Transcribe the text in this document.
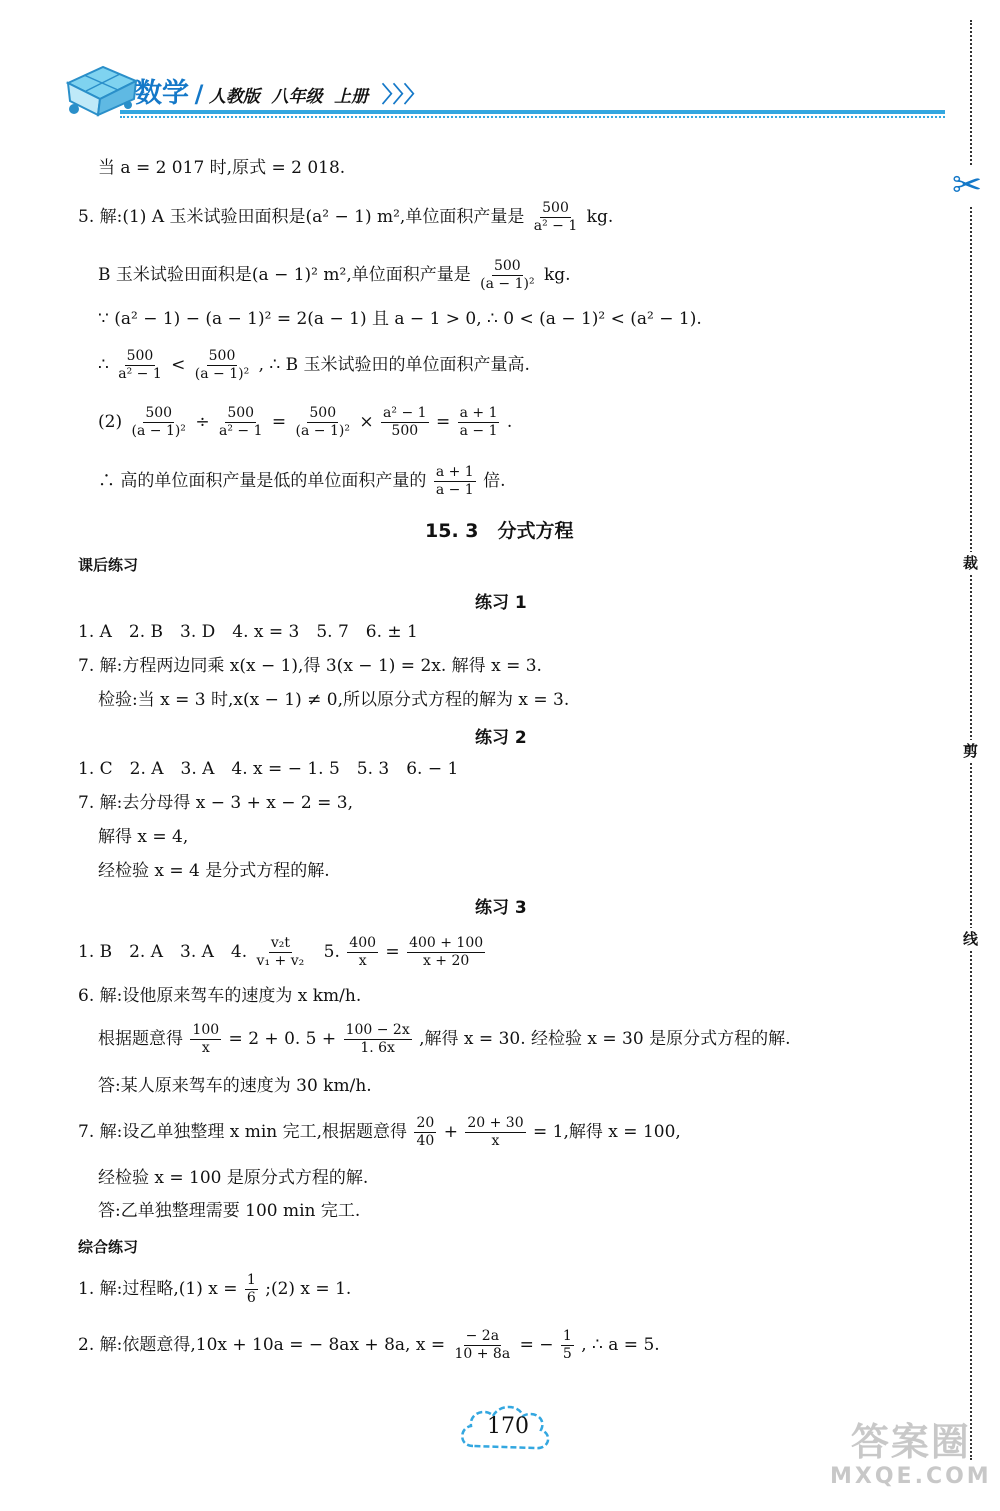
数学 / 人教版 八年级 上册 〉〉〉
✂
裁
剪
线
当 a = 2 017 时,原式 = 2 018.
5. 解:(1) A 玉米试验田面积是(a² − 1) m²,单位面积产量是 $\frac{500}{\text{a² − 1}}$ kg.
B 玉米试验田面积是(a − 1)² m²,单位面积产量是 $\frac{500}{\text{(a − 1)²}}$ kg.
∵ (a² − 1) − (a − 1)² = 2(a − 1) 且 a − 1 > 0, ∴ 0 < (a − 1)² < (a² − 1).
∴ $\frac{500}{\text{a² − 1}} < \frac{500}{\text{(a − 1)²}}$ , ∴ B 玉米试验田的单位面积产量高.
$(2) \frac{500}{\text{(a − 1)²}} \div \frac{500}{\text{a² − 1}} = \frac{500}{\text{(a − 1)²}} \times \frac{\text{a² − 1}}{500} = \frac{a + 1}{a - 1}$ .
∴ 高的单位面积产量是低的单位面积产量的 $\frac{a + 1}{a - 1}$ 倍.
15. 3　分式方程
课后练习
练习 1
1. A　2. B　3. D　4. x = 3　5. 7　6. ± 1
7. 解:方程两边同乘 x(x − 1),得 3(x − 1) = 2x. 解得 x = 3.
检验:当 x = 3 时,x(x − 1) ≠ 0,所以原分式方程的解为 x = 3.
练习 2
1. C　2. A　3. A　4. x = − 1. 5　5. 3　6. − 1
7. 解:去分母得 x − 3 + x − 2 = 3,
解得 x = 4,
经检验 x = 4 是分式方程的解.
练习 3
1. B　2. A　3. A　4. $\frac{\text{v₂t}}{\text{v₁ + v₂}} 5$. $\frac{400}{x} = \frac{400 + 100}{x + 20}$
6. 解:设他原来驾车的速度为 x km/h.
根据题意得 $\frac{100}{x} = 2 + 0$. $5 + \frac{100 - 2x}{1. 6x}$ ,解得 x = 30. 经检验 x = 30 是原分式方程的解.
答:某人原来驾车的速度为 30 km/h.
7. 解:设乙单独整理 x min 完工,根据题意得 $\frac{20}{40} + \frac{20 + 30}{x} = 1$,解得 x = 100,
经检验 x = 100 是原分式方程的解.
答:乙单独整理需要 100 min 完工.
综合练习
1. 解:过程略,(1) $x = \frac{1}{6}$ ;(2) x = 1.
2. 解:依题意得,10x + 10a = − 8ax + 8a, $x = \frac{- 2a}{10 + 8a}$ = − $\frac{1}{5}$ , ∴ a = 5.
170	答案圈
MXQE.COM
